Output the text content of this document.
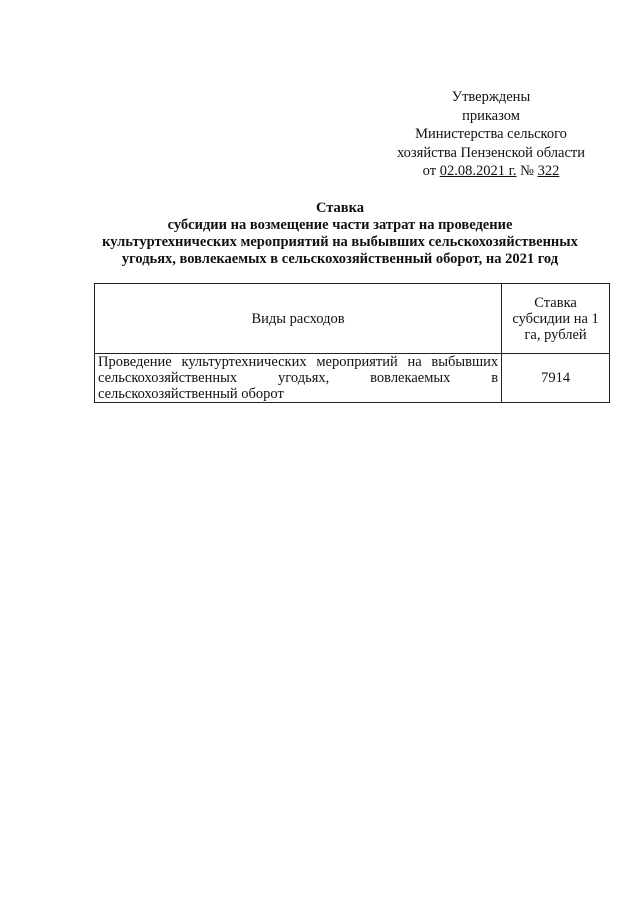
Утверждены
приказом
Министерства сельского
хозяйства Пензенской области
от 02.08.2021 г. № 322
Ставка
субсидии на возмещение части затрат на проведение
культуртехнических мероприятий на выбывших сельскохозяйственных
угодьях, вовлекаемых в сельскохозяйственный оборот, на 2021 год
Виды расходов	Ставка субсидии на 1 га, рублей
Проведение культуртехнических мероприятий на выбывших сельскохозяйственных угодьях, вовлекаемых в сельскохозяйственный оборот	7914
